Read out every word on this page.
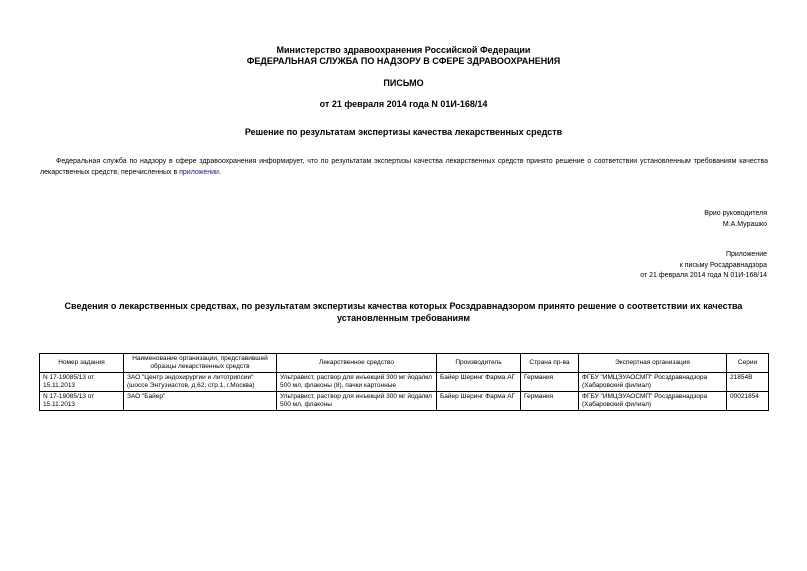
Министерство здравоохранения Российской Федерации
ФЕДЕРАЛЬНАЯ СЛУЖБА ПО НАДЗОРУ В СФЕРЕ ЗДРАВООХРАНЕНИЯ
ПИСЬМО
от 21 февраля 2014 года N 01И-168/14
Решение по результатам экспертизы качества лекарственных средств
Федеральная служба по надзору в сфере здравоохранения информирует, что по результатам экспертизы качества лекарственных средств принято решение о соответствии установленным требованиям качества лекарственных средств, перечисленных в приложении.
Врио руководителя
М.А.Мурашко
Приложение
к письму Росздравнадзора
от 21 февраля 2014 года N 01И-168/14
Сведения о лекарственных средствах, по результатам экспертизы качества которых Росздравнадзором принято решение о соответствии их качества установленным требованиям
Номер задания	Наименование организации, представившей образцы лекарственных средств	Лекарственное средство	Производитель	Страна пр-ва	Экспертная организация	Серии
N 17-19085/13 от 15.11.2013	ЗАО "Центр эндохирургии и литотрипсии" (шоссе Энтузиастов, д.62, стр.1, г.Москва)	Ультравист, раствор для инъекций 300 мг йода/мл 500 мл, флаконы (8), пачки картонные	Байер Шеринг Фарма АГ	Германия	ФГБУ "ИМЦЭУАОСМП" Росздравнадзора (Хабаровский филиал)	21854B
N 17-19085/13 от 15.11.2013	ЗАО "Байер"	Ультравист, раствор для инъекций 300 мг йода/мл 500 мл, флаконы	Байер Шеринг Фарма АГ	Германия	ФГБУ "ИМЦЭУАОСМП" Росздравнадзора (Хабаровский филиал)	00021854
